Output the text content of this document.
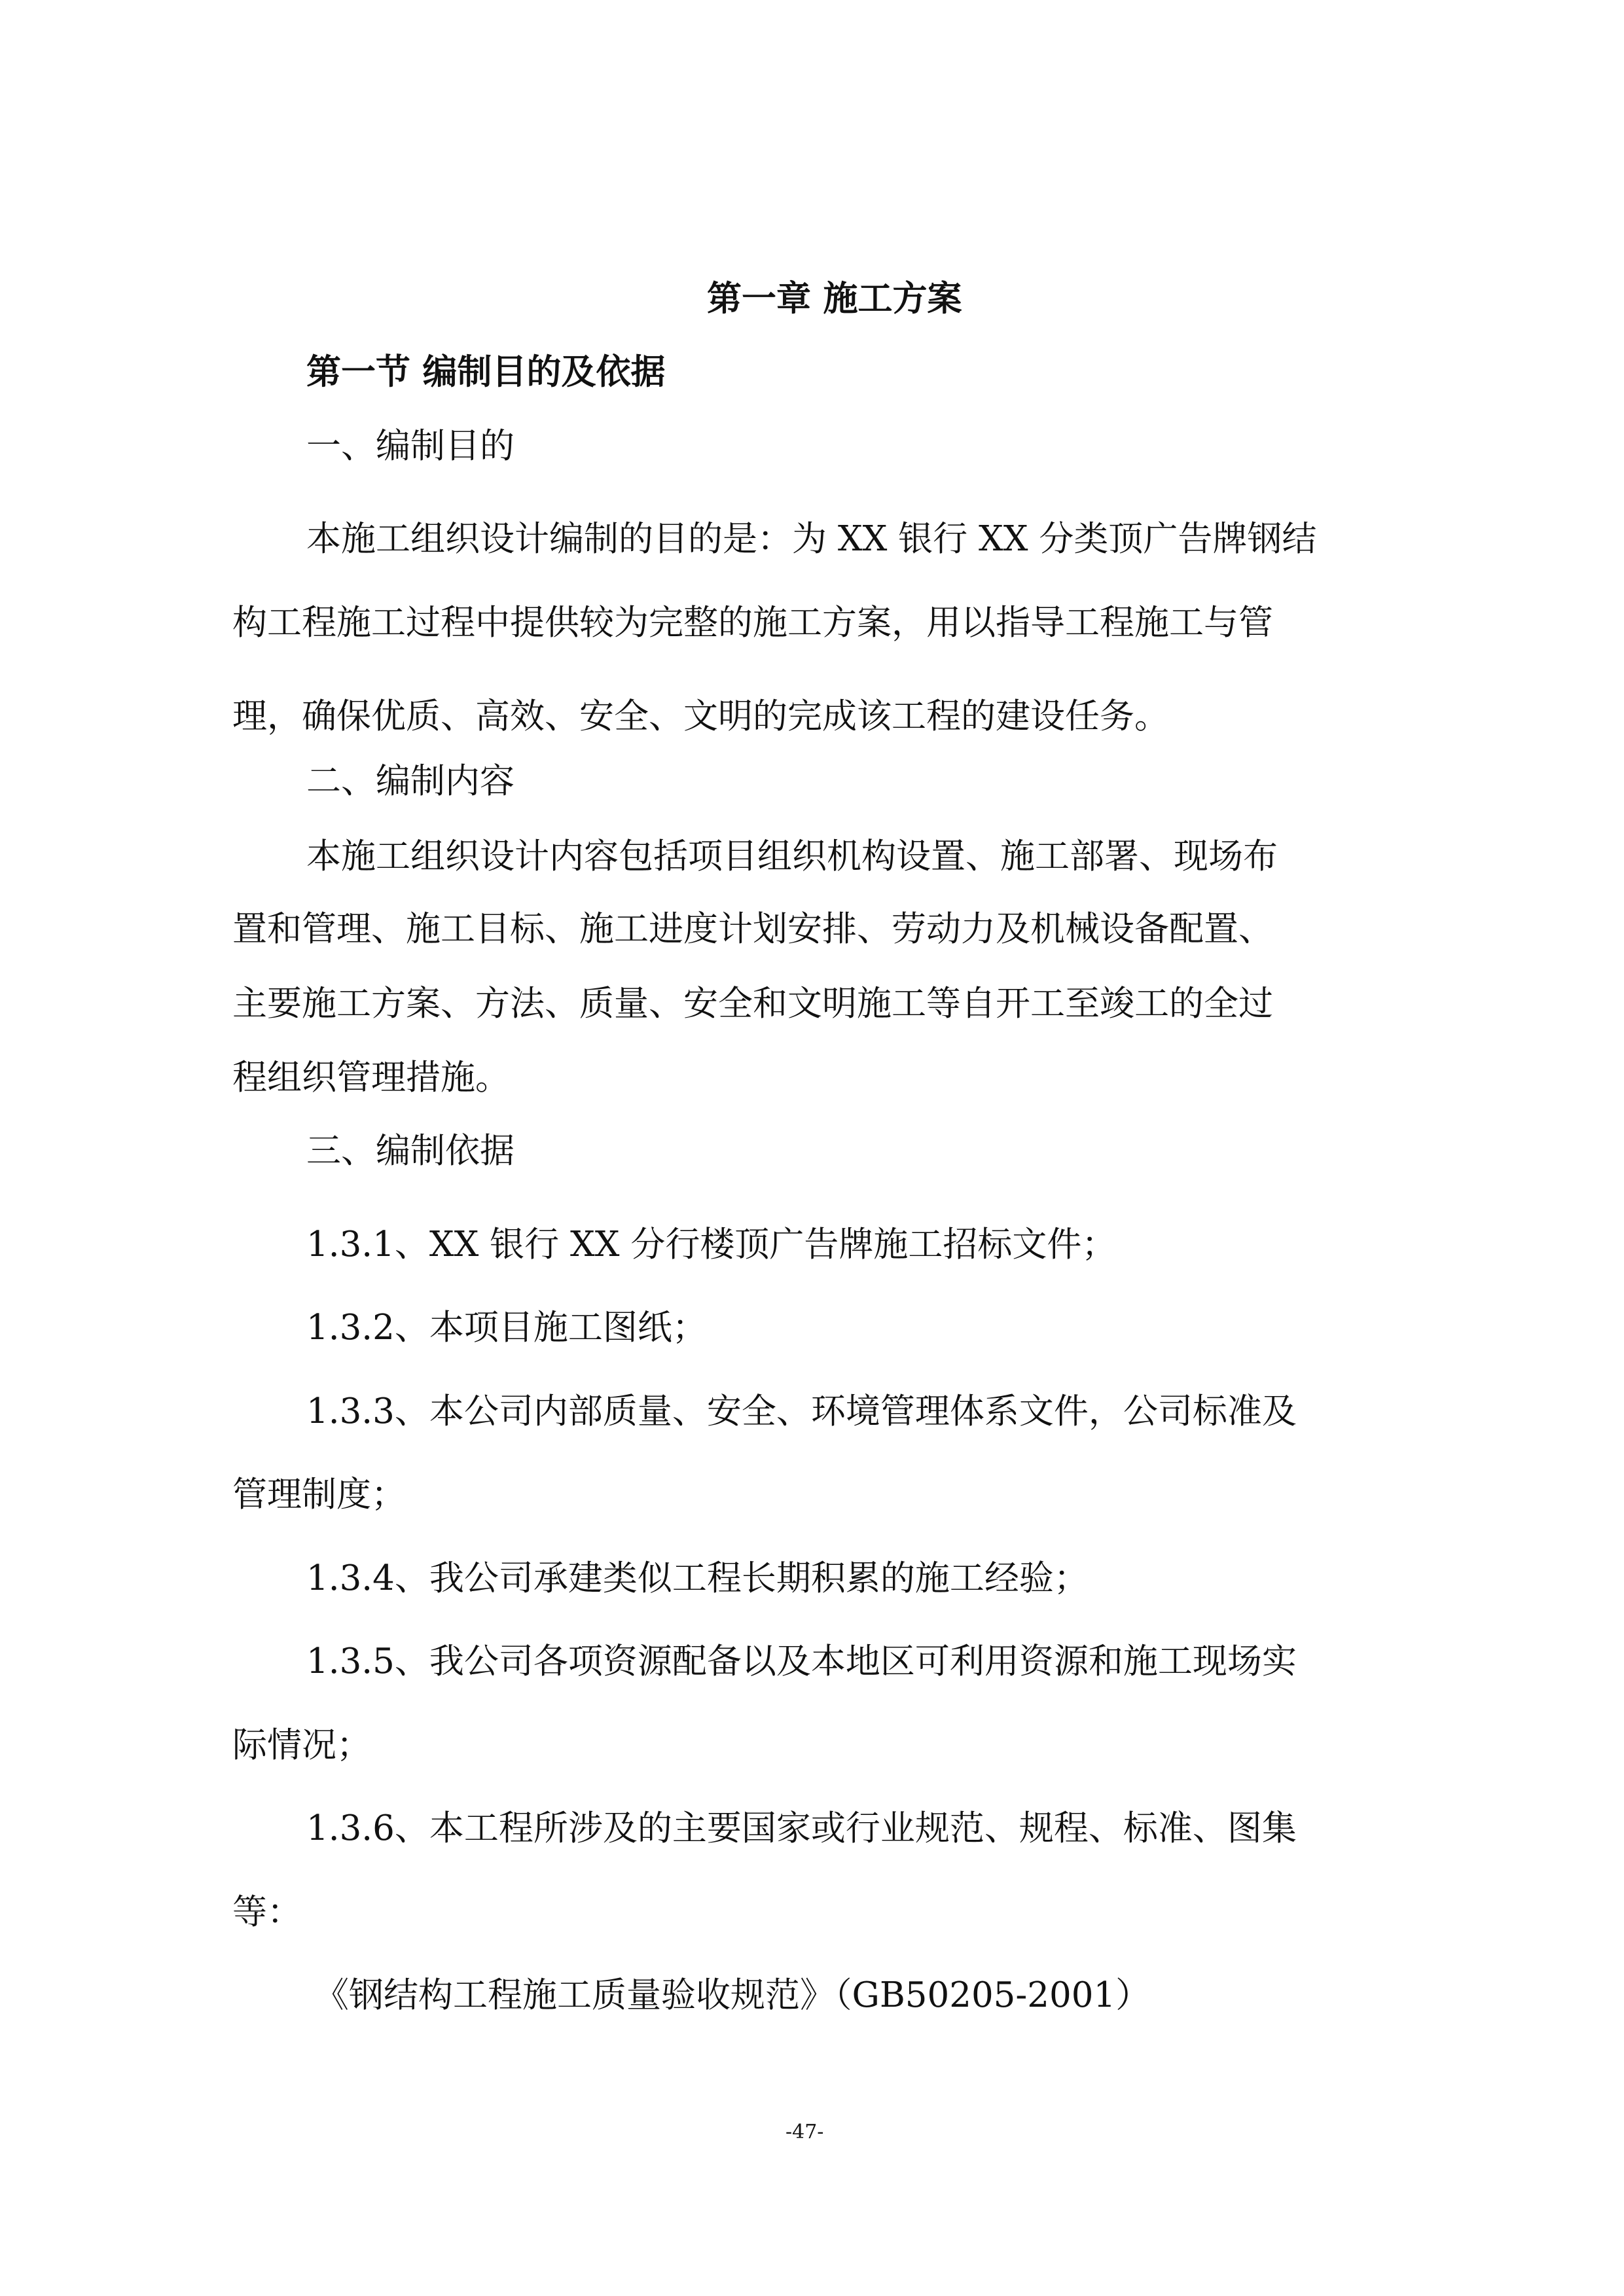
第一章 施工方案
第一节 编制目的及依据
一、编制目的
本施工组织设计编制的目的是：为 XX 银行 XX 分类顶广告牌钢结
构工程施工过程中提供较为完整的施工方案，用以指导工程施工与管
理，确保优质、高效、安全、文明的完成该工程的建设任务。
二、编制内容
本施工组织设计内容包括项目组织机构设置、施工部署、现场布
置和管理、施工目标、施工进度计划安排、劳动力及机械设备配置、
主要施工方案、方法、质量、安全和文明施工等自开工至竣工的全过
程组织管理措施。
三、编制依据
1.3.1、XX 银行 XX 分行楼顶广告牌施工招标文件；
1.3.2、本项目施工图纸；
1.3.3、本公司内部质量、安全、环境管理体系文件，公司标准及
管理制度；
1.3.4、我公司承建类似工程长期积累的施工经验；
1.3.5、我公司各项资源配备以及本地区可利用资源和施工现场实
际情况；
1.3.6、本工程所涉及的主要国家或行业规范、规程、标准、图集
等：
《钢结构工程施工质量验收规范》（GB50205-2001）
-47-
